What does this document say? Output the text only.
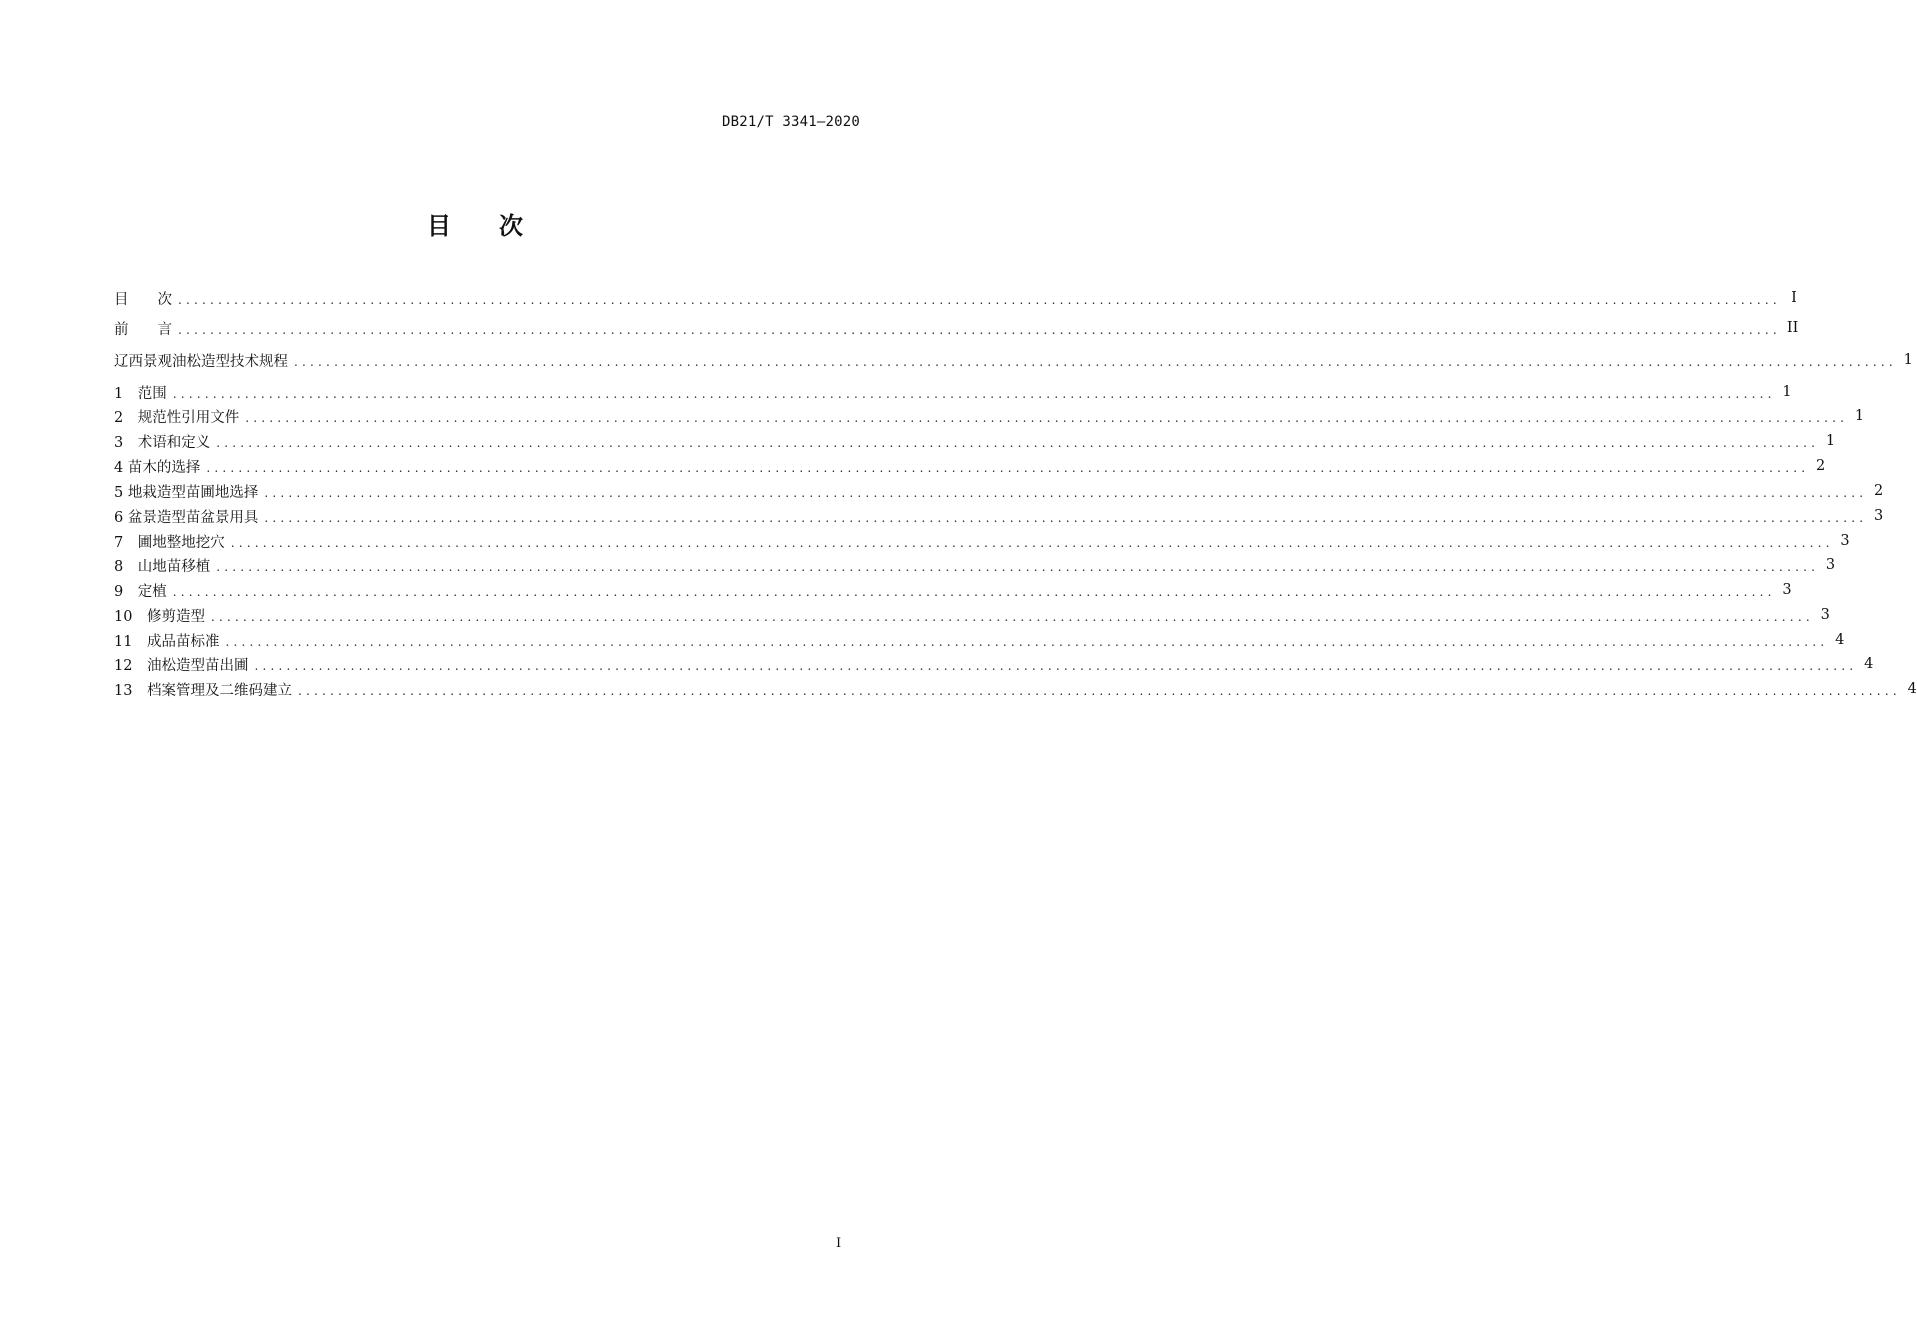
DB21/T 3341—2020
目 次
目　　次 ........................................................................................................................................................................................................ I
前　　言 ........................................................................................................................................................................................................ II
辽西景观油松造型技术规程 ........................................................................................................................................................................................................ 1
1　范围 ........................................................................................................................................................................................................ 1
2　规范性引用文件 ........................................................................................................................................................................................................ 1
3　术语和定义 ........................................................................................................................................................................................................ 1
4 苗木的选择 ........................................................................................................................................................................................................ 2
5 地栽造型苗圃地选择 ........................................................................................................................................................................................................ 2
6 盆景造型苗盆景用具 ........................................................................................................................................................................................................ 3
7　圃地整地挖穴 ........................................................................................................................................................................................................ 3
8　山地苗移植 ........................................................................................................................................................................................................ 3
9　定植 ........................................................................................................................................................................................................ 3
10　修剪造型 ........................................................................................................................................................................................................ 3
11　成品苗标准 ........................................................................................................................................................................................................ 4
12　油松造型苗出圃 ........................................................................................................................................................................................................ 4
13　档案管理及二维码建立 ........................................................................................................................................................................................................ 4
I
